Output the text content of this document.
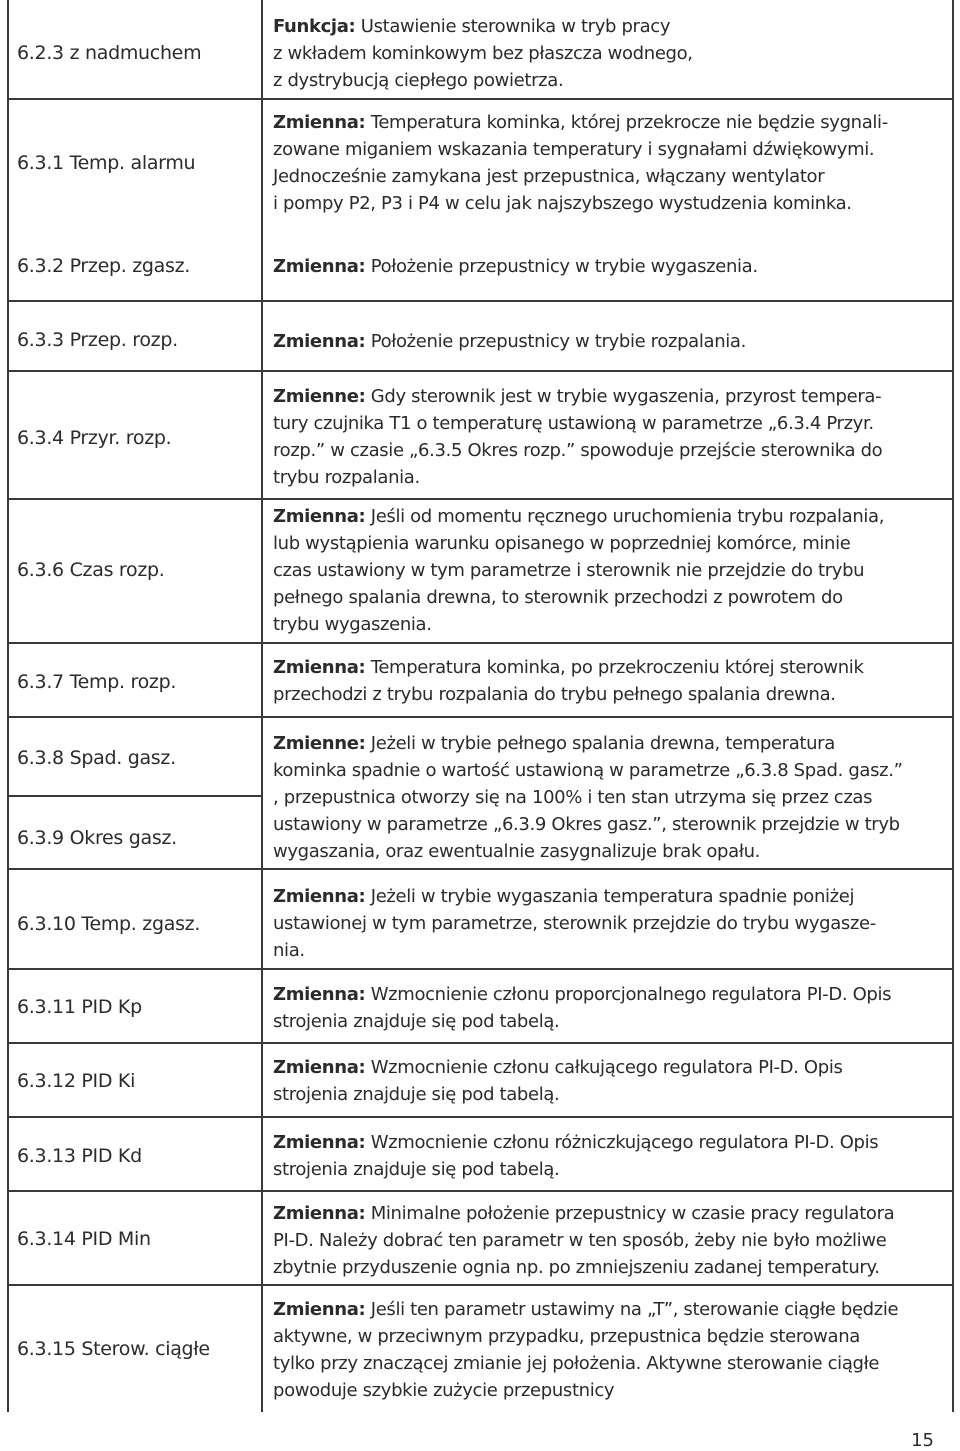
6.2.3 z nadmuchem
Funkcja: Ustawienie sterownika w tryb pracy
z wkładem kominkowym bez płaszcza wodnego,
z dystrybucją ciepłego powietrza.
6.3.1 Temp. alarmu
Zmienna: Temperatura kominka, której przekrocze nie będzie sygnali-
zowane miganiem wskazania temperatury i sygnałami dźwiękowymi.
Jednocześnie zamykana jest przepustnica, włączany wentylator
i pompy P2, P3 i P4 w celu jak najszybszego wystudzenia kominka.
6.3.2 Przep. zgasz.	Zmienna: Położenie przepustnicy w trybie wygaszenia.
6.3.3 Przep. rozp.	Zmienna: Położenie przepustnicy w trybie rozpalania.
6.3.4 Przyr. rozp.
Zmienne: Gdy sterownik jest w trybie wygaszenia, przyrost tempera-
tury czujnika T1 o temperaturę ustawioną w parametrze „6.3.4 Przyr.
rozp.” w czasie „6.3.5 Okres rozp.” spowoduje przejście sterownika do
trybu rozpalania.
6.3.6 Czas rozp.
Zmienna: Jeśli od momentu ręcznego uruchomienia trybu rozpalania,
lub wystąpienia warunku opisanego w poprzedniej komórce, minie
czas ustawiony w tym parametrze i sterownik nie przejdzie do trybu
pełnego spalania drewna, to sterownik przechodzi z powrotem do
trybu wygaszenia.
6.3.7 Temp. rozp.
Zmienna: Temperatura kominka, po przekroczeniu której sterownik
przechodzi z trybu rozpalania do trybu pełnego spalania drewna.
6.3.8 Spad. gasz.
6.3.9 Okres gasz.
Zmienne: Jeżeli w trybie pełnego spalania drewna, temperatura
kominka spadnie o wartość ustawioną w parametrze „6.3.8 Spad. gasz.”
, przepustnica otworzy się na 100% i ten stan utrzyma się przez czas
ustawiony w parametrze „6.3.9 Okres gasz.”, sterownik przejdzie w tryb
wygaszania, oraz ewentualnie zasygnalizuje brak opału.
6.3.10 Temp. zgasz.
Zmienna: Jeżeli w trybie wygaszania temperatura spadnie poniżej
ustawionej w tym parametrze, sterownik przejdzie do trybu wygasze-
nia.
6.3.11 PID Kp
Zmienna: Wzmocnienie członu proporcjonalnego regulatora PI-D. Opis
strojenia znajduje się pod tabelą.
6.3.12 PID Ki
Zmienna: Wzmocnienie członu całkującego regulatora PI-D. Opis
strojenia znajduje się pod tabelą.
6.3.13 PID Kd
Zmienna: Wzmocnienie członu różniczkującego regulatora PI-D. Opis
strojenia znajduje się pod tabelą.
6.3.14 PID Min
Zmienna: Minimalne położenie przepustnicy w czasie pracy regulatora
PI-D. Należy dobrać ten parametr w ten sposób, żeby nie było możliwe
zbytnie przyduszenie ognia np. po zmniejszeniu zadanej temperatury.
6.3.15 Sterow. ciągłe
Zmienna: Jeśli ten parametr ustawimy na „T”, sterowanie ciągłe będzie
aktywne, w przeciwnym przypadku, przepustnica będzie sterowana
tylko przy znaczącej zmianie jej położenia. Aktywne sterowanie ciągłe
powoduje szybkie zużycie przepustnicy
15
